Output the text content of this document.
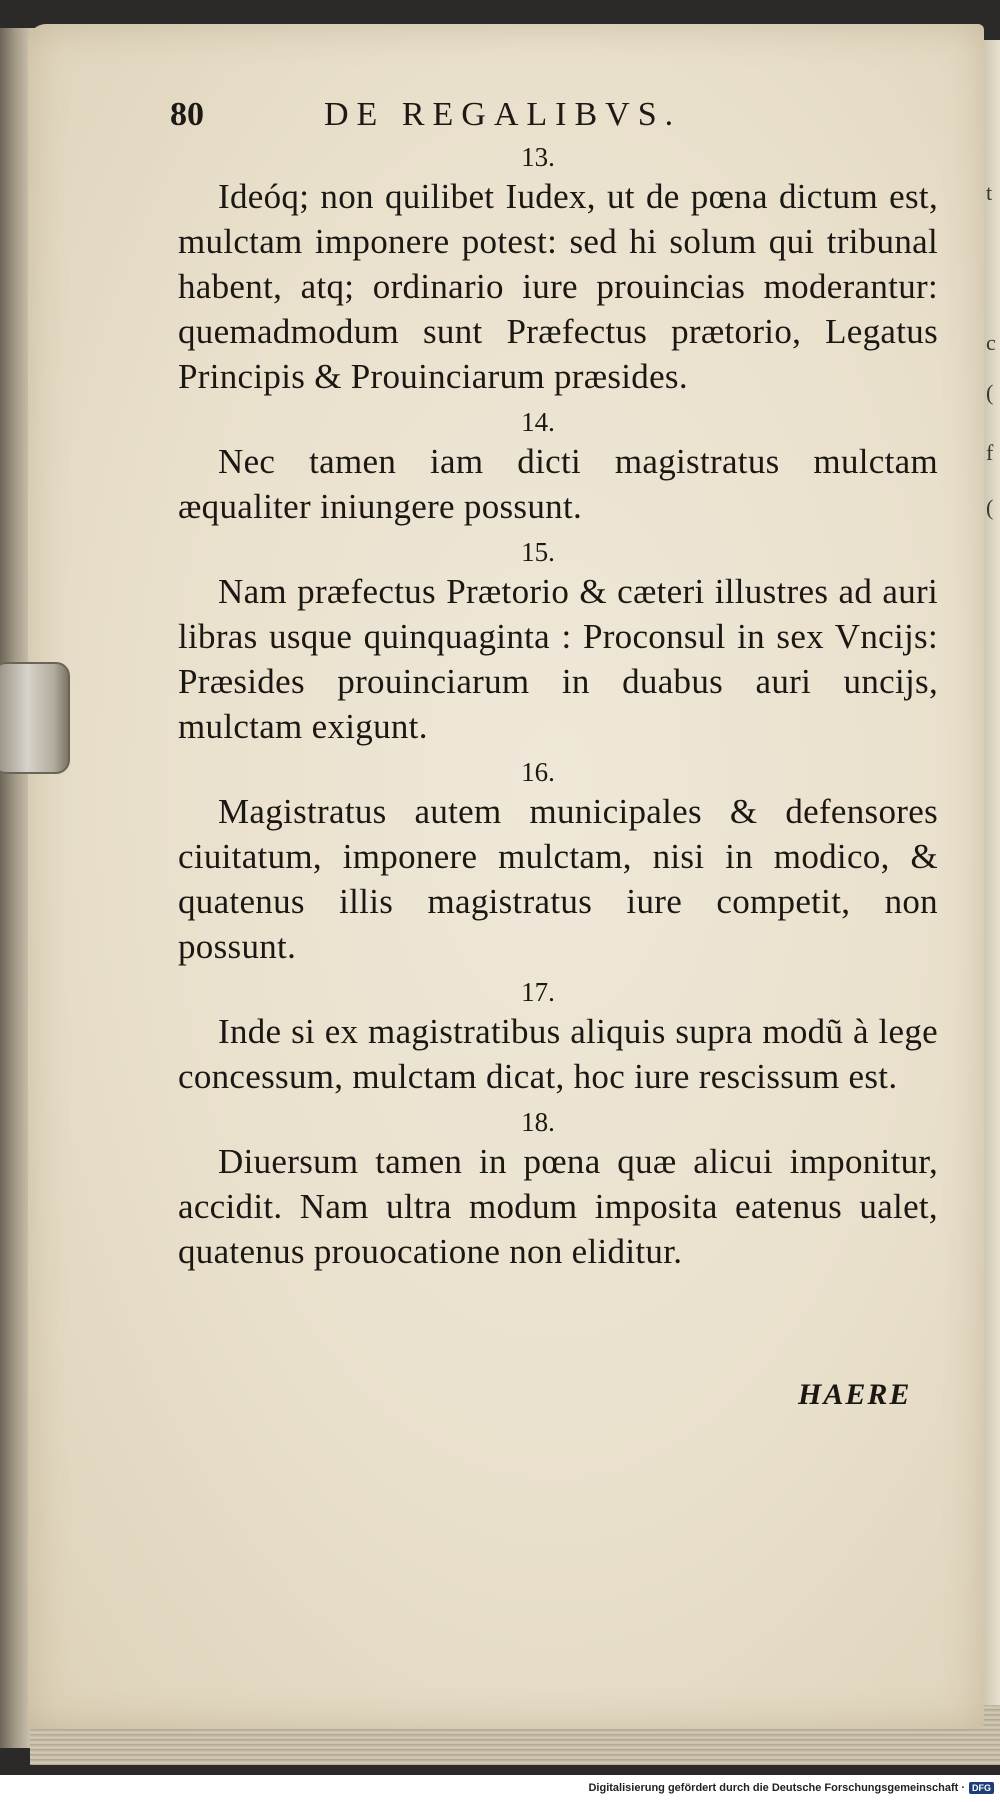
t
c
(
f
(
80	DE REGALIBVS.
13.
Ideóq; non quilibet Iudex, ut de pœna dictum est, mulctam imponere potest: sed hi solum qui tribunal habent, atq; ordinario iure prouincias moderantur: quemadmodum sunt Præfectus prætorio, Legatus Principis & Prouinciarum præsides.
14.
Nec tamen iam dicti magistratus mulctam æqualiter iniungere possunt.
15.
Nam præfectus Prætorio & cæteri illustres ad auri libras usque quinquaginta : Proconsul in sex Vncijs: Præsides prouinciarum in duabus auri uncijs, mulctam exigunt.
16.
Magistratus autem municipales & defensores ciuitatum, imponere mulctam, nisi in modico, & quatenus illis magistratus iure competit, non possunt.
17.
Inde si ex magistratibus aliquis supra modũ à lege concessum, mulctam dicat, hoc iure rescissum est.
18.
Diuersum tamen in pœna quæ alicui imponitur, accidit. Nam ultra modum imposita eatenus ualet, quatenus prouocatione non eliditur.
HAERE
Digitalisierung gefördert durch die Deutsche Forschungsgemeinschaft · DFG
